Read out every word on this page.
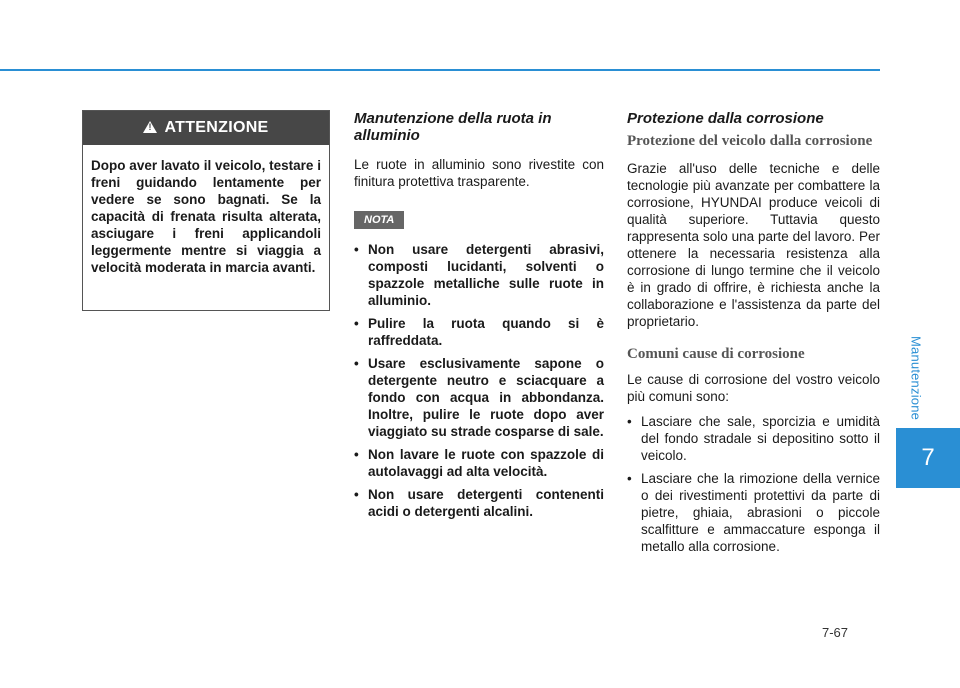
!
ATTENZIONE
Dopo aver lavato il veicolo, testare i freni guidando lentamente per vedere se sono bagnati. Se la capacità di frenata risulta alterata, asciugare i freni applicandoli leggermente mentre si viaggia a velocità moderata in marcia avanti.
Manutenzione della ruota in alluminio

Le ruote in alluminio sono rivestite con finitura protettiva trasparente.

NOTA
• Non usare detergenti abrasivi, composti lucidanti, solventi o spazzole metalliche sulle ruote in alluminio.
• Pulire la ruota quando si è raffreddata.
• Usare esclusivamente sapone o detergente neutro e sciacquare a fondo con acqua in abbondanza. Inoltre, pulire le ruote dopo aver viaggiato su strade cosparse di sale.
• Non lavare le ruote con spazzole di autolavaggi ad alta velocità.
• Non usare detergenti contenenti acidi o detergenti alcalini.
Protezione dalla corrosione
Protezione del veicolo dalla corrosione

Grazie all'uso delle tecniche e delle tecnologie più avanzate per combattere la corrosione, HYUNDAI produce veicoli di qualità superiore. Tuttavia questo rappresenta solo una parte del lavoro. Per ottenere la necessaria resistenza alla corrosione di lungo termine che il veicolo è in grado di offrire, è richiesta anche la collaborazione e l'assistenza da parte del proprietario.

Comuni cause di corrosione

Le cause di corrosione del vostro veicolo più comuni sono:

• Lasciare che sale, sporcizia e umidità del fondo stradale si depositino sotto il veicolo.
• Lasciare che la rimozione della vernice o dei rivestimenti protettivi da parte di pietre, ghiaia, abrasioni o piccole scalfitture e ammaccature esponga il metallo alla corrosione.
Manutenzione
7
7-67
